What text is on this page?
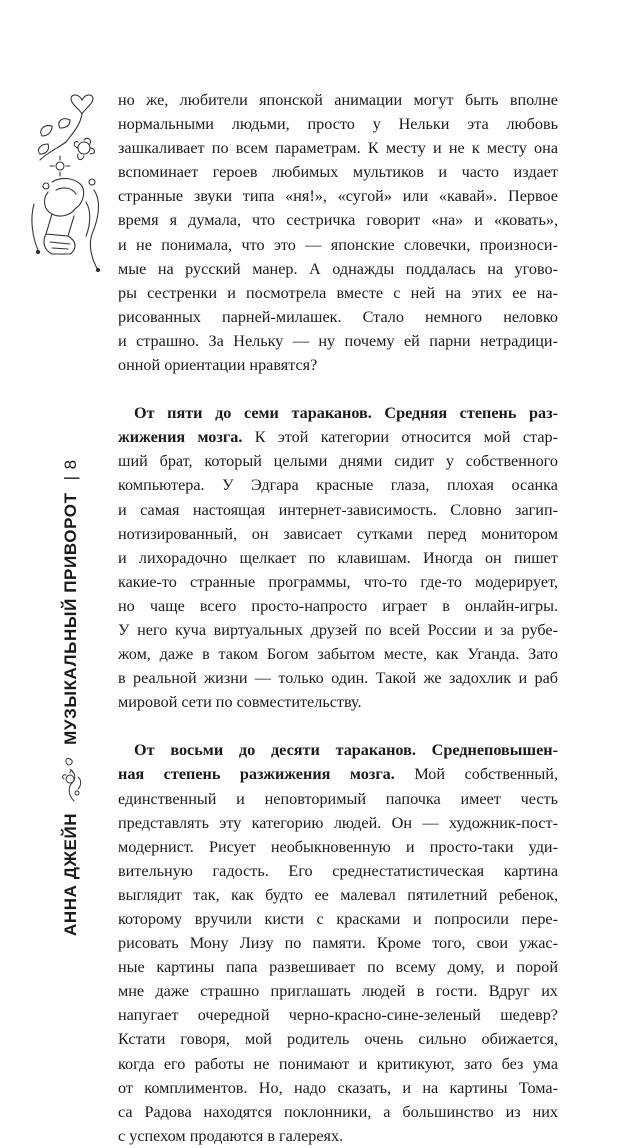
АННА ДЖЕЙН
МУЗЫКАЛЬНЫЙ ПРИВОРОТ
|
8
но же, любители японской анимации могут быть вполне
нормальными людьми, просто у Нельки эта любовь
зашкаливает по всем параметрам. К месту и не к месту она
вспоминает героев любимых мультиков и часто издает
странные звуки типа «ня!», «сугой» или «кавай». Первое
время я думала, что сестричка говорит «на» и «ковать»,
и не понимала, что это — японские словечки, произноси-
мые на русский манер. А однажды поддалась на угово-
ры сестренки и посмотрела вместе с ней на этих ее на-
рисованных парней-милашек. Стало немного неловко
и страшно. За Нельку — ну почему ей парни нетрадици-
онной ориентации нравятся?
От пяти до семи тараканов. Средняя степень раз-
жижения мозга. К этой категории относится мой стар-
ший брат, который целыми днями сидит у собственного
компьютера. У Эдгара красные глаза, плохая осанка
и самая настоящая интернет-зависимость. Словно загип-
нотизированный, он зависает сутками перед монитором
и лихорадочно щелкает по клавишам. Иногда он пишет
какие-то странные программы, что-то где-то модерирует,
но чаще всего просто-напросто играет в онлайн-игры.
У него куча виртуальных друзей по всей России и за рубе-
жом, даже в таком Богом забытом месте, как Уганда. Зато
в реальной жизни — только один. Такой же задохлик и раб
мировой сети по совместительству.
От восьми до десяти тараканов. Среднеповышен-
ная степень разжижения мозга. Мой собственный,
единственный и неповторимый папочка имеет честь
представлять эту категорию людей. Он — художник-пост-
модернист. Рисует необыкновенную и просто-таки уди-
вительную гадость. Его среднестатистическая картина
выглядит так, как будто ее малевал пятилетний ребенок,
которому вручили кисти с красками и попросили пере-
рисовать Мону Лизу по памяти. Кроме того, свои ужас-
ные картины папа развешивает по всему дому, и порой
мне даже страшно приглашать людей в гости. Вдруг их
напугает очередной черно-красно-сине-зеленый шедевр?
Кстати говоря, мой родитель очень сильно обижается,
когда его работы не понимают и критикуют, зато без ума
от комплиментов. Но, надо сказать, и на картины Тома-
са Радова находятся поклонники, а большинство из них
с успехом продаются в галереях.
